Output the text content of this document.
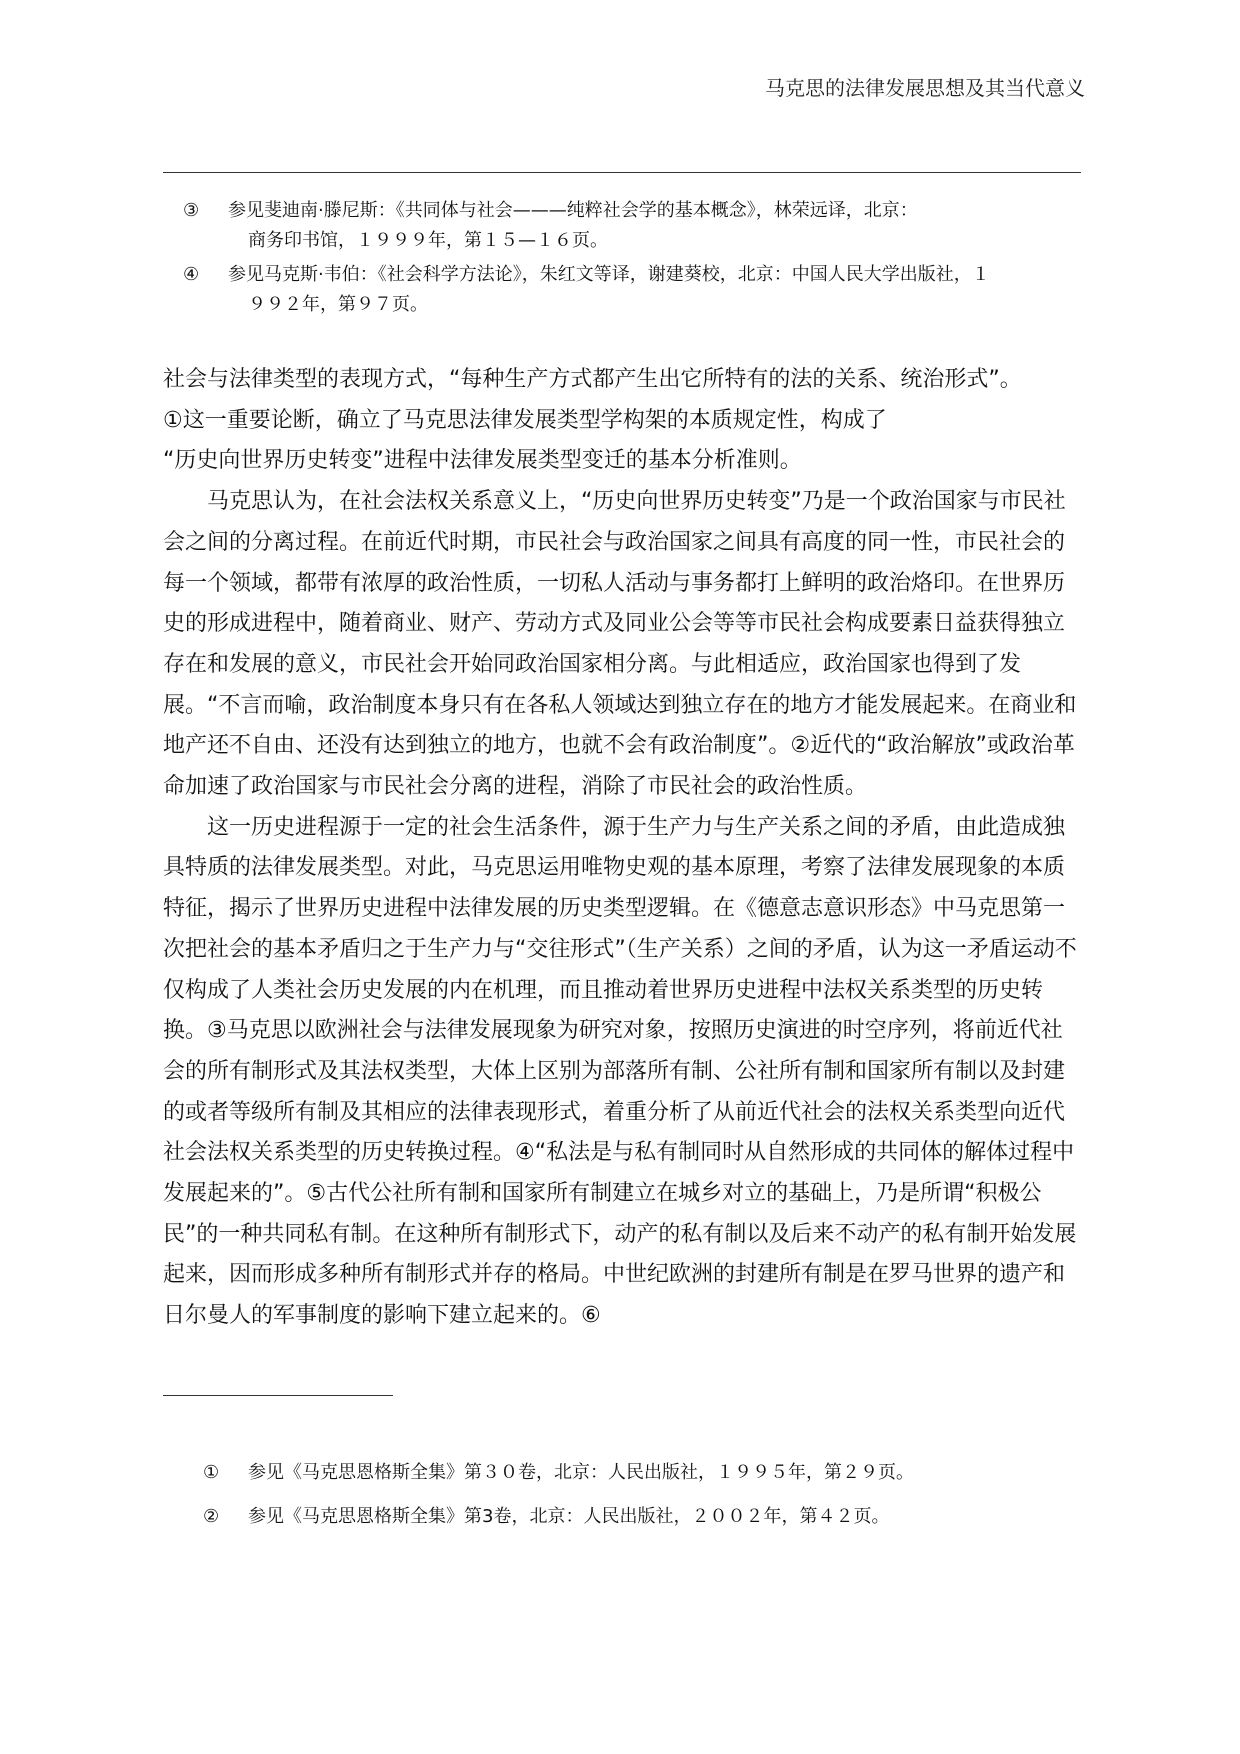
马克思的法律发展思想及其当代意义
③ 参见斐迪南·滕尼斯：《共同体与社会———纯粹社会学的基本概念》，林荣远译，北京：
商务印书馆，１９９９年，第１５—１６页。
④ 参见马克斯·韦伯：《社会科学方法论》，朱红文等译，谢建葵校，北京：中国人民大学出版社，１
９９２年，第９７页。

社会与法律类型的表现方式，“每种生产方式都产生出它所特有的法的关系、统治形式”。

①这一重要论断，确立了马克思法律发展类型学构架的本质规定性，构成了

“历史向世界历史转变”进程中法律发展类型变迁的基本分析准则。

马克思认为，在社会法权关系意义上，“历史向世界历史转变”乃是一个政治国家与市民社会之间的分离过程。在前近代时期，市民社会与政治国家之间具有高度的同一性，市民社会的每一个领域，都带有浓厚的政治性质，一切私人活动与事务都打上鲜明的政治烙印。在世界历史的形成进程中，随着商业、财产、劳动方式及同业公会等等市民社会构成要素日益获得独立存在和发展的意义，市民社会开始同政治国家相分离。与此相适应，政治国家也得到了发展。“不言而喻，政治制度本身只有在各私人领域达到独立存在的地方才能发展起来。在商业和地产还不自由、还没有达到独立的地方，也就不会有政治制度”。②近代的“政治解放”或政治革命加速了政治国家与市民社会分离的进程，消除了市民社会的政治性质。

这一历史进程源于一定的社会生活条件，源于生产力与生产关系之间的矛盾，由此造成独具特质的法律发展类型。对此，马克思运用唯物史观的基本原理，考察了法律发展现象的本质特征，揭示了世界历史进程中法律发展的历史类型逻辑。在《德意志意识形态》中马克思第一次把社会的基本矛盾归之于生产力与“交往形式”（生产关系）之间的矛盾，认为这一矛盾运动不仅构成了人类社会历史发展的内在机理，而且推动着世界历史进程中法权关系类型的历史转换。③马克思以欧洲社会与法律发展现象为研究对象，按照历史演进的时空序列，将前近代社会的所有制形式及其法权类型，大体上区别为部落所有制、公社所有制和国家所有制以及封建的或者等级所有制及其相应的法律表现形式，着重分析了从前近代社会的法权关系类型向近代社会法权关系类型的历史转换过程。④“私法是与私有制同时从自然形成的共同体的解体过程中发展起来的”。⑤古代公社所有制和国家所有制建立在城乡对立的基础上，乃是所谓“积极公民”的一种共同私有制。在这种所有制形式下，动产的私有制以及后来不动产的私有制开始发展起来，因而形成多种所有制形式并存的格局。中世纪欧洲的封建所有制是在罗马世界的遗产和日尔曼人的军事制度的影响下建立起来的。⑥

① 参见《马克思恩格斯全集》第３０卷，北京：人民出版社，１９９５年，第２９页。
② 参见《马克思恩格斯全集》第3卷，北京：人民出版社，２００２年，第４２页。
